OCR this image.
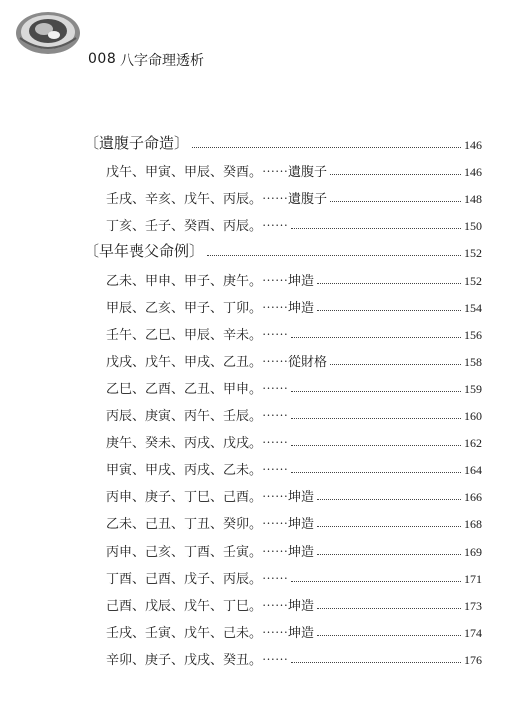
008 八字命理透析
〔遺腹子命造〕	146
戊午、甲寅、甲辰、癸酉。⋯⋯遺腹子	146
壬戌、辛亥、戊午、丙辰。⋯⋯遺腹子	148
丁亥、壬子、癸酉、丙辰。⋯⋯	150
〔早年喪父命例〕	152
乙未、甲申、甲子、庚午。⋯⋯坤造	152
甲辰、乙亥、甲子、丁卯。⋯⋯坤造	154
壬午、乙巳、甲辰、辛未。⋯⋯	156
戊戌、戊午、甲戌、乙丑。⋯⋯從財格	158
乙巳、乙酉、乙丑、甲申。⋯⋯	159
丙辰、庚寅、丙午、壬辰。⋯⋯	160
庚午、癸未、丙戌、戊戌。⋯⋯	162
甲寅、甲戌、丙戌、乙未。⋯⋯	164
丙申、庚子、丁巳、己酉。⋯⋯坤造	166
乙未、己丑、丁丑、癸卯。⋯⋯坤造	168
丙申、己亥、丁酉、壬寅。⋯⋯坤造	169
丁酉、己酉、戊子、丙辰。⋯⋯	171
己酉、戊辰、戊午、丁巳。⋯⋯坤造	173
壬戌、壬寅、戊午、己未。⋯⋯坤造	174
辛卯、庚子、戊戌、癸丑。⋯⋯	176
